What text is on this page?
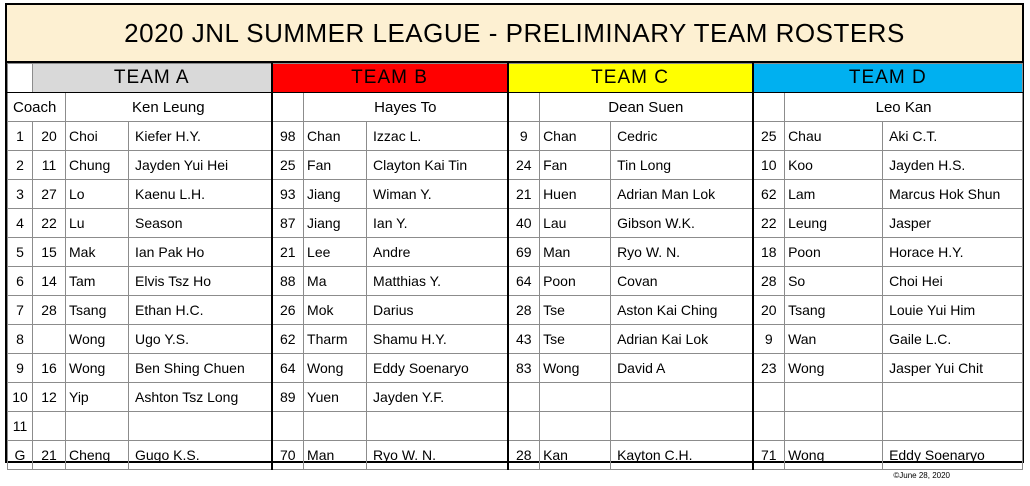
2020 JNL SUMMER LEAGUE - PRELIMINARY TEAM ROSTERS
	TEAM A			TEAM B			TEAM C			TEAM D		
Coach		Ken Leung			Hayes To			Dean Suen			Leo Kan	
1	20	Choi	Kiefer H.Y.	98	Chan	Izzac L.	9	Chan	Cedric	25	Chau	Aki C.T.
2	11	Chung	Jayden Yui Hei	25	Fan	Clayton Kai Tin	24	Fan	Tin Long	10	Koo	Jayden H.S.
3	27	Lo	Kaenu L.H.	93	Jiang	Wiman Y.	21	Huen	Adrian Man Lok	62	Lam	Marcus Hok Shun
4	22	Lu	Season	87	Jiang	Ian Y.	40	Lau	Gibson W.K.	22	Leung	Jasper
5	15	Mak	Ian Pak Ho	21	Lee	Andre	69	Man	Ryo W. N.	18	Poon	Horace H.Y.
6	14	Tam	Elvis Tsz Ho	88	Ma	Matthias Y.	64	Poon	Covan	28	So	Choi Hei
7	28	Tsang	Ethan H.C.	26	Mok	Darius	28	Tse	Aston Kai Ching	20	Tsang	Louie Yui Him
8		Wong	Ugo Y.S.	62	Tharm	Shamu H.Y.	43	Tse	Adrian Kai Lok	9	Wan	Gaile L.C.
9	16	Wong	Ben Shing Chuen	64	Wong	Eddy Soenaryo	83	Wong	David A	23	Wong	Jasper Yui Chit
10	12	Yip	Ashton Tsz Long	89	Yuen	Jayden Y.F.						
11												
G	21	Cheng	Gugo K.S.	70	Man	Ryo W. N.	28	Kan	Kayton C.H.	71	Wong	Eddy Soenaryo
©June 28, 2020
